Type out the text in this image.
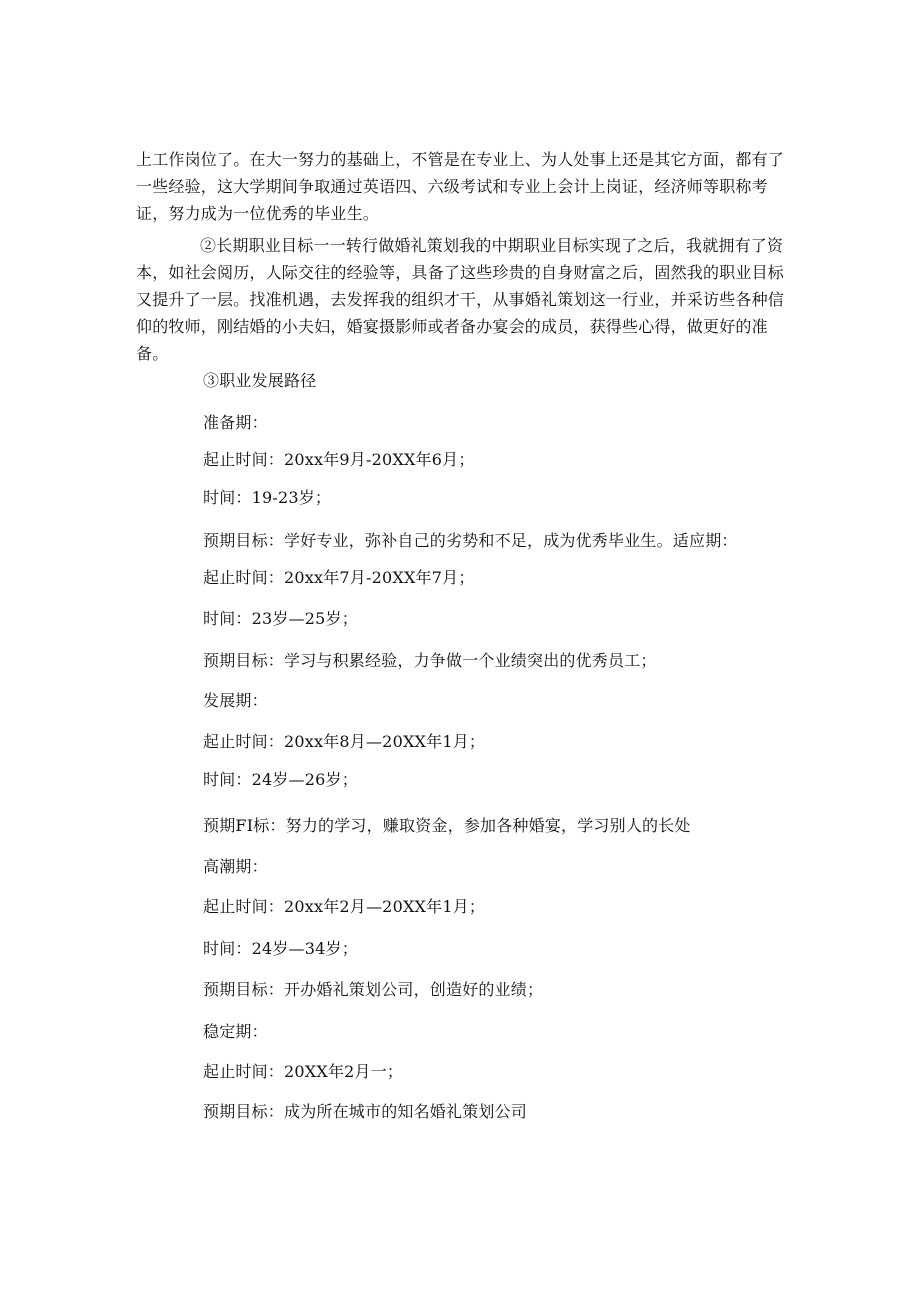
上工作岗位了。在大一努力的基础上，不管是在专业上、为人处事上还是其它方面，都有了一些经验，这大学期间争取通过英语四、六级考试和专业上会计上岗证，经济师等职称考证，努力成为一位优秀的毕业生。

②长期职业目标一一转行做婚礼策划我的中期职业目标实现了之后，我就拥有了资本，如社会阅历，人际交往的经验等，具备了这些珍贵的自身财富之后，固然我的职业目标又提升了一层。找准机遇，去发挥我的组织才干，从事婚礼策划这一行业，并采访些各种信仰的牧师，刚结婚的小夫妇，婚宴摄影师或者备办宴会的成员，获得些心得，做更好的准备。

③职业发展路径

准备期：

起止时间：20xx年9月-20XX年6月；

时间：19-23岁；

预期目标：学好专业，弥补自己的劣势和不足，成为优秀毕业生。适应期：

起止时间：20xx年7月-20XX年7月；

时间：23岁—25岁；

预期目标：学习与积累经验，力争做一个业绩突出的优秀员工；

发展期：

起止时间：20xx年8月—20XX年1月；

时间：24岁—26岁；

预期FI标：努力的学习，赚取资金，参加各种婚宴，学习别人的长处

高潮期：

起止时间：20xx年2月—20XX年1月；

时间：24岁—34岁；

预期目标：开办婚礼策划公司，创造好的业绩；

稳定期：

起止时间：20XX年2月一；

预期目标：成为所在城市的知名婚礼策划公司
